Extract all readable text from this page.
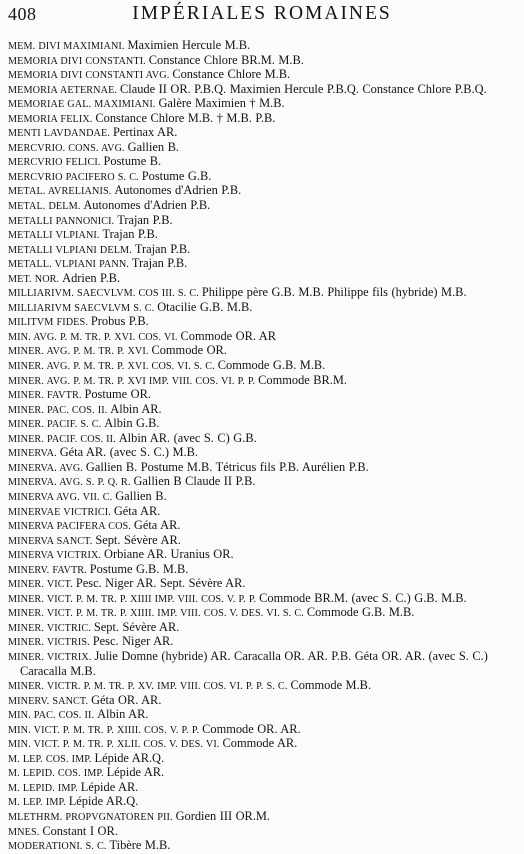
408	IMPÉRIALES ROMAINES
MEM. DIVI MAXIMIANI. Maximien Hercule M.B.
MEMORIA DIVI CONSTANTI. Constance Chlore BR.M. M.B.
MEMORIA DIVI CONSTANTI AVG. Constance Chlore M.B.
MEMORIA AETERNAE. Claude II OR. P.B.Q. Maximien Hercule P.B.Q. Constance Chlore P.B.Q.
MEMORIAE GAL. MAXIMIANI. Galère Maximien † M.B.
MEMORIA FELIX. Constance Chlore M.B. † M.B. P.B.
MENTI LAVDANDAE. Pertinax AR.
MERCVRIO. CONS. AVG. Gallien B.
MERCVRIO FELICI. Postume B.
MERCVRIO PACIFERO S. C. Postume G.B.
METAL. AVRELIANIS. Autonomes d'Adrien P.B.
METAL. DELM. Autonomes d'Adrien P.B.
METALLI PANNONICI. Trajan P.B.
METALLI VLPIANI. Trajan P.B.
METALLI VLPIANI DELM. Trajan P.B.
METALL. VLPIANI PANN. Trajan P.B.
MET. NOR. Adrien P.B.
MILLIARIVM. SAECVLVM. COS III. S. C. Philippe père G.B. M.B. Philippe fils (hybride) M.B.
MILLIARIVM SAECVLVM S. C. Otacilie G.B. M.B.
MILITVM FIDES. Probus P.B.
MIN. AVG. P. M. TR. P. XVI. COS. VI. Commode OR. AR
MINER. AVG. P. M. TR. P. XVI. Commode OR.
MINER. AVG. P. M. TR. P. XVI. COS. VI. S. C. Commode G.B. M.B.
MINER. AVG. P. M. TR. P. XVI IMP. VIII. COS. VI. P. P. Commode BR.M.
MINER. FAVTR. Postume OR.
MINER. PAC. COS. II. Albin AR.
MINER. PACIF. S. C. Albin G.B.
MINER. PACIF. COS. II. Albin AR. (avec S. C) G.B.
MINERVA. Géta AR. (avec S. C.) M.B.
MINERVA. AVG. Gallien B. Postume M.B. Tétricus fils P.B. Aurélien P.B.
MINERVA. AVG. S. P. Q. R. Gallien B Claude II P.B.
MINERVA AVG. VII. C. Gallien B.
MINERVAE VICTRICI. Géta AR.
MINERVA PACIFERA COS. Géta AR.
MINERVA SANCT. Sept. Sévère AR.
MINERVA VICTRIX. Orbiane AR. Uranius OR.
MINERV. FAVTR. Postume G.B. M.B.
MINER. VICT. Pesc. Niger AR. Sept. Sévère AR.
MINER. VICT. P. M. TR. P. XIIII IMP. VIII. COS. V. P. P. Commode BR.M. (avec S. C.) G.B. M.B.
MINER. VICT. P. M. TR. P. XIIII. IMP. VIII. COS. V. DES. VI. S. C. Commode G.B. M.B.
MINER. VICTRIC. Sept. Sévère AR.
MINER. VICTRIS. Pesc. Niger AR.
MINER. VICTRIX. Julie Domne (hybride) AR. Caracalla OR. AR. P.B. Géta OR. AR. (avec S. C.) Caracalla M.B.
MINER. VICTR. P. M. TR. P. XV. IMP. VIII. COS. VI. P. P. S. C. Commode M.B.
MINERV. SANCT. Géta OR. AR.
MIN. PAC. COS. II. Albin AR.
MIN. VICT. P. M. TR. P. XIIII. COS. V. P. P. Commode OR. AR.
MIN. VICT. P. M. TR. P. XLII. COS. V. DES. VI. Commode AR.
M. LEP. COS. IMP. Lépide AR.Q.
M. LEPID. COS. IMP. Lépide AR.
M. LEPID. IMP. Lépide AR.
M. LEP. IMP. Lépide AR.Q.
MLETHRM. PROPVGNATOREN PII. Gordien III OR.M.
MNES. Constant I OR.
MODERATIONI. S. C. Tibère M.B.
